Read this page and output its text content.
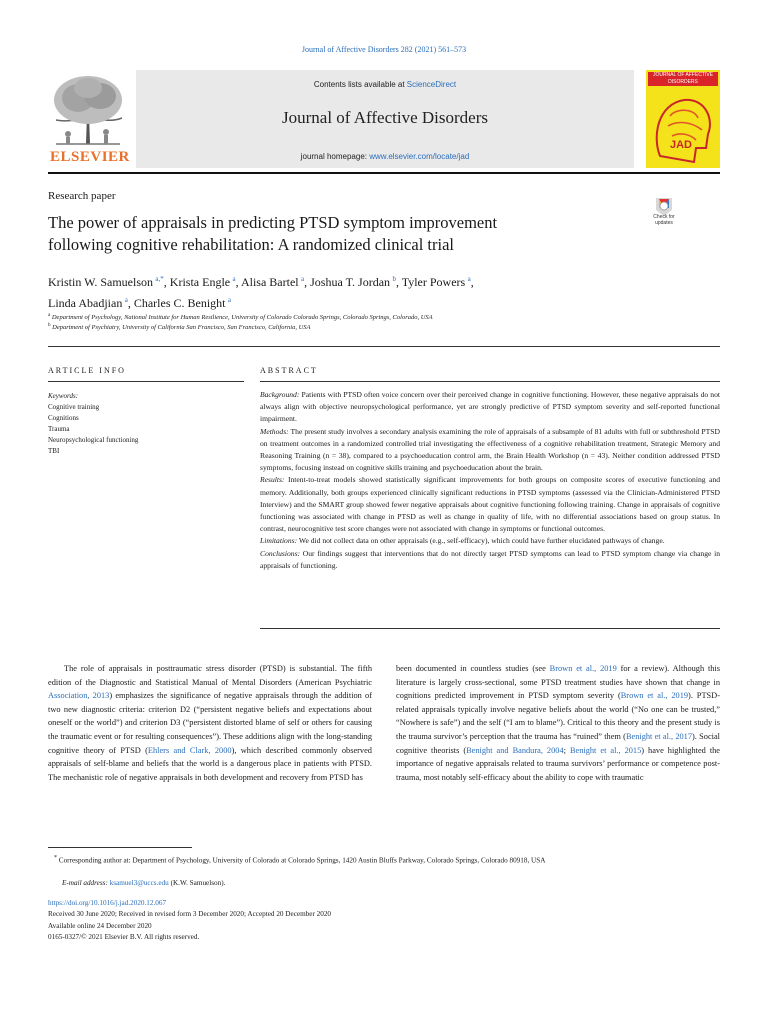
Journal of Affective Disorders 282 (2021) 561–573
ELSEVIER
Contents lists available at ScienceDirect
Journal of Affective Disorders
journal homepage: www.elsevier.com/locate/jad
JOURNAL OF AFFECTIVE DISORDERS
JAD
Research paper
The power of appraisals in predicting PTSD symptom improvement
following cognitive rehabilitation: A randomized clinical trial
Check for
updates
Kristin W. Samuelson  $^{a,*}$, Krista Engle  $^a$, Alisa Bartel  $^a$, Joshua T. Jordan  $^b$, Tyler Powers  $^a$,
Linda Abadjian  $^a$, Charles C. Benight  $^a$
$^a$ Department of Psychology, National Institute for Human Resilience, University of Colorado Colorado Springs, Colorado Springs, Colorado, USA
$^b$ Department of Psychiatry, University of California San Francisco, San Francisco, California, USA
ARTICLE INFO
Keywords:
Cognitive training
Cognitions
Trauma
Neuropsychological functioning
TBI
ABSTRACT

Background: Patients with PTSD often voice concern over their perceived change in cognitive functioning. However, these negative appraisals do not always align with objective neuropsychological performance, yet are strongly predictive of PTSD symptom severity and self-reported functional impairment.

Methods: The present study involves a secondary analysis examining the role of appraisals of a subsample of 81 adults with full or subthreshold PTSD on treatment outcomes in a randomized controlled trial investigating the effectiveness of a cognitive rehabilitation treatment, Strategic Memory and Reasoning Training (n = 38), compared to a psychoeducation control arm, the Brain Health Workshop (n = 43). Neither condition addressed PTSD symptoms, focusing instead on cognitive skills training and psychoeducation about the brain.

Results: Intent-to-treat models showed statistically significant improvements for both groups on composite scores of executive functioning and memory. Additionally, both groups experienced clinically significant reductions in PTSD symptoms (assessed via the Clinician-Administered PTSD Interview) and the SMART group showed fewer negative appraisals about cognitive functioning following training. Change in appraisals of cognitive functioning was associated with change in PTSD as well as change in quality of life, with no differential associations based on group status. In contrast, neurocognitive test score changes were not associated with change in symptoms or functional outcomes.

Limitations: We did not collect data on other appraisals (e.g., self-efficacy), which could have further elucidated pathways of change.

Conclusions: Our findings suggest that interventions that do not directly target PTSD symptoms can lead to PTSD symptom change via change in appraisals of functioning.

The role of appraisals in posttraumatic stress disorder (PTSD) is substantial. The fifth edition of the Diagnostic and Statistical Manual of Mental Disorders (American Psychiatric Association, 2013) emphasizes the significance of negative appraisals through the addition of two new diagnostic criteria: criterion D2 (“persistent negative beliefs and expectations about oneself or the world”) and criterion D3 (“persistent distorted blame of self or others for causing the traumatic event or for resulting consequences”). These additions align with the long-standing cognitive theory of PTSD (Ehlers and Clark, 2000), which described commonly observed appraisals of self-blame and beliefs that the world is a dangerous place in patients with PTSD. The mechanistic role of negative appraisals in both development and recovery from PTSD has

been documented in countless studies (see Brown et al., 2019 for a review). Although this literature is largely cross-sectional, some PTSD treatment studies have shown that change in cognitions predicted improvement in PTSD symptom severity (Brown et al., 2019). PTSD-related appraisals typically involve negative beliefs about the world (“No one can be trusted,” “Nowhere is safe”) and the self (“I am to blame”). Critical to this theory and the present study is the trauma survivor’s perception that the trauma has “ruined” them (Benight et al., 2017). Social cognitive theorists (Benight and Bandura, 2004; Benight et al., 2015) have highlighted the importance of negative appraisals related to trauma survivors’ performance or competence post-trauma, most notably self-efficacy about the ability to cope with traumatic

* Corresponding author at: Department of Psychology, University of Colorado at Colorado Springs, 1420 Austin Bluffs Parkway, Colorado Springs, Colorado 80918, USA
E-mail address: ksamuel3@uccs.edu (K.W. Samuelson).
https://doi.org/10.1016/j.jad.2020.12.067
Received 30 June 2020; Received in revised form 3 December 2020; Accepted 20 December 2020
Available online 24 December 2020
0165-0327/© 2021 Elsevier B.V. All rights reserved.
